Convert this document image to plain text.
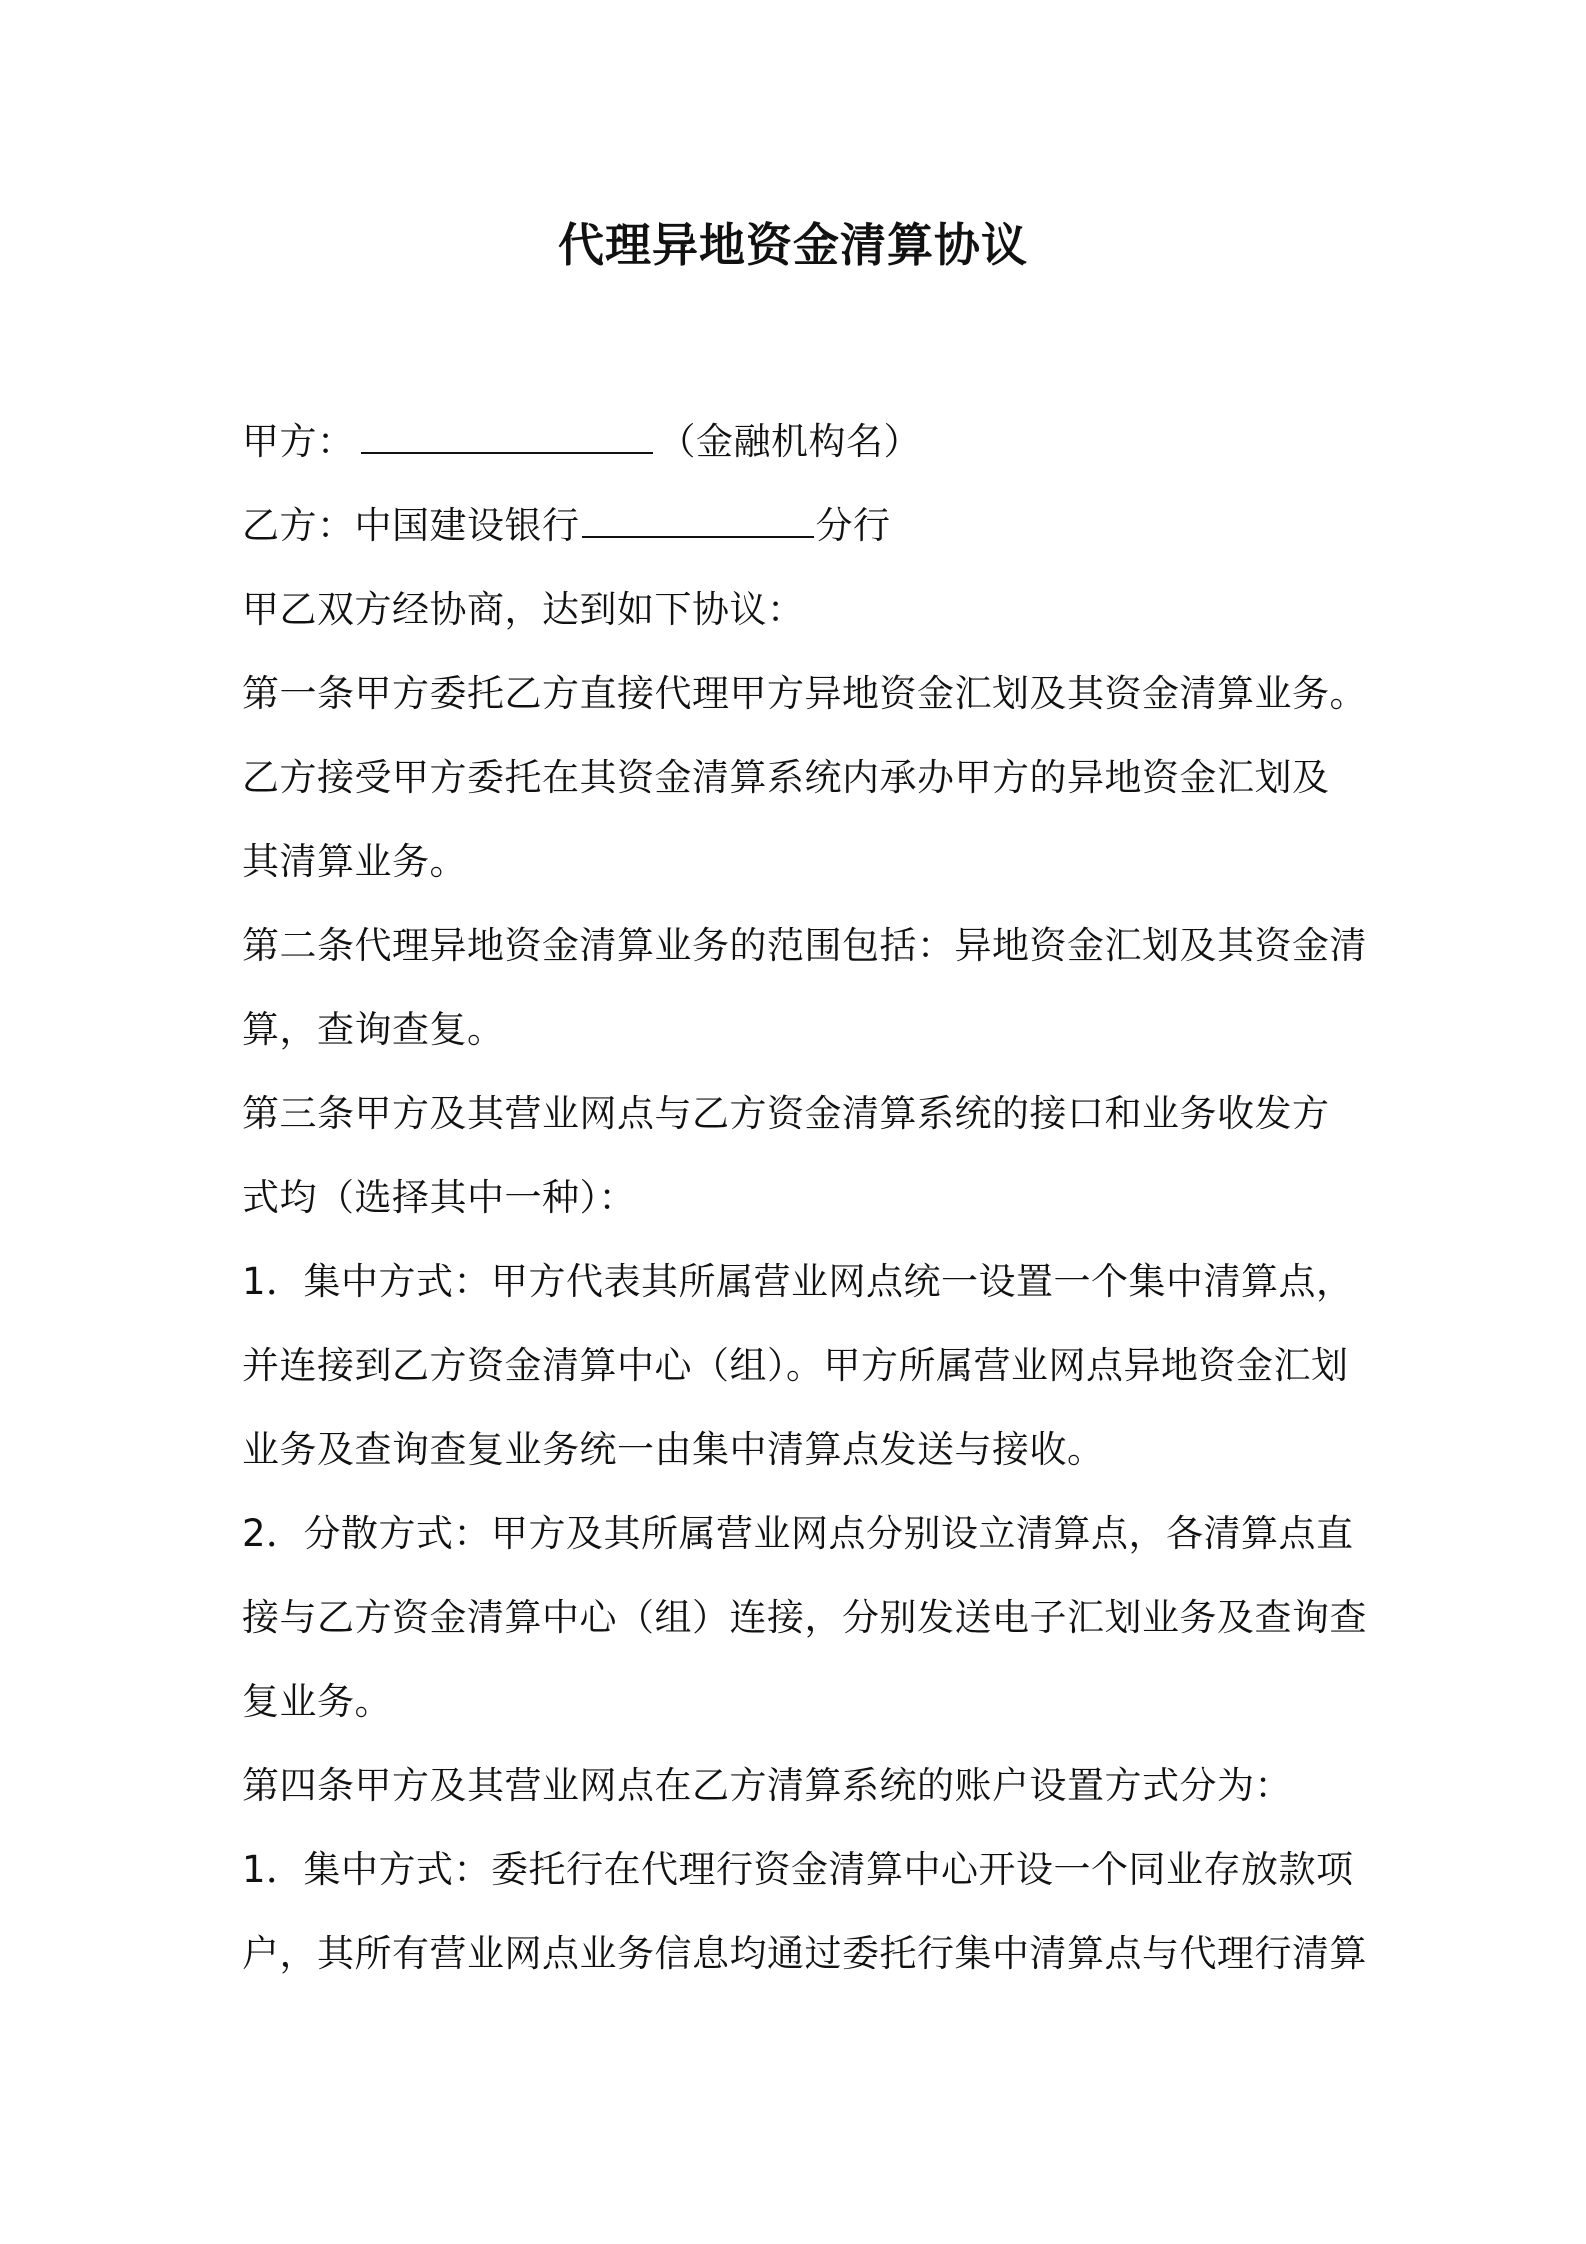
代理异地资金清算协议
甲方：	（金融机构名）
乙方：中国建设银行	分行
甲乙双方经协商，达到如下协议：
第一条甲方委托乙方直接代理甲方异地资金汇划及其资金清算业务。
乙方接受甲方委托在其资金清算系统内承办甲方的异地资金汇划及
其清算业务。
第二条代理异地资金清算业务的范围包括：异地资金汇划及其资金清
算，查询查复。
第三条甲方及其营业网点与乙方资金清算系统的接口和业务收发方
式均（选择其中一种）：
1．集中方式：甲方代表其所属营业网点统一设置一个集中清算点，
并连接到乙方资金清算中心（组）。甲方所属营业网点异地资金汇划
业务及查询查复业务统一由集中清算点发送与接收。
2．分散方式：甲方及其所属营业网点分别设立清算点，各清算点直
接与乙方资金清算中心（组）连接，分别发送电子汇划业务及查询查
复业务。
第四条甲方及其营业网点在乙方清算系统的账户设置方式分为：
1．集中方式：委托行在代理行资金清算中心开设一个同业存放款项
户，其所有营业网点业务信息均通过委托行集中清算点与代理行清算
